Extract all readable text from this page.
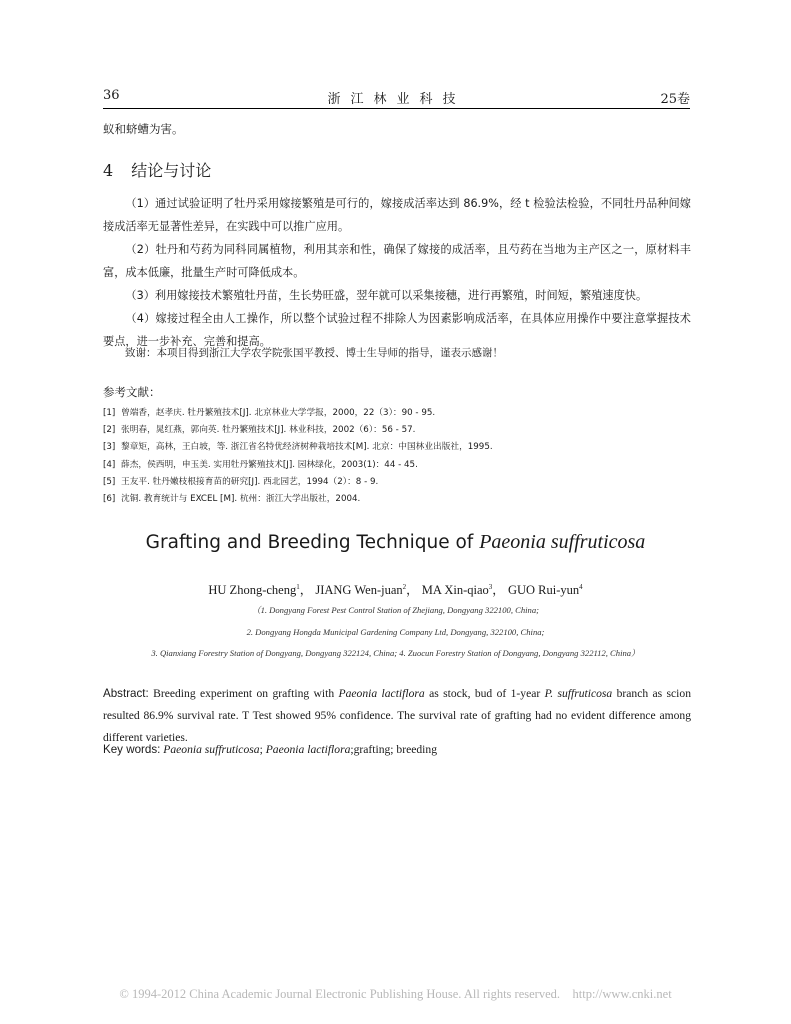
36	浙江林业科技	25卷
蚁和蛴螬为害。
4 结论与讨论

（1）通过试验证明了牡丹采用嫁接繁殖是可行的，嫁接成活率达到 86.9%，经 t 检验法检验，不同牡丹品种间嫁接成活率无显著性差异，在实践中可以推广应用。

（2）牡丹和芍药为同科同属植物，利用其亲和性，确保了嫁接的成活率，且芍药在当地为主产区之一，原材料丰富，成本低廉，批量生产时可降低成本。

（3）利用嫁接技术繁殖牡丹苗，生长势旺盛，翌年就可以采集接穗，进行再繁殖，时间短，繁殖速度快。

（4）嫁接过程全由人工操作，所以整个试验过程不排除人为因素影响成活率，在具体应用操作中要注意掌握技术要点，进一步补充、完善和提高。

致谢：本项目得到浙江大学农学院张国平教授、博士生导师的指导，谨表示感谢！
参考文献：
[1] 曾端香，赵孝庆. 牡丹繁殖技术[J]. 北京林业大学学报，2000，22（3）：90 - 95.
[2] 张明春，晁红燕，郭向英. 牡丹繁殖技术[J]. 林业科技，2002（6）：56 - 57.
[3] 黎章矩，高林，王白坡，等. 浙江省名特优经济树种栽培技术[M]. 北京：中国林业出版社，1995.
[4] 薛杰，侯西明，申玉美. 实用牡丹繁殖技术[J]. 园林绿化，2003(1)：44 - 45.
[5] 王友平. 牡丹嫩枝根接育苗的研究[J]. 西北园艺，1994（2）：8 - 9.
[6] 沈铜. 教育统计与 EXCEL [M]. 杭州：浙江大学出版社，2004.
Grafting and Breeding Technique of Paeonia suffruticosa
HU Zhong-cheng$^1$， JIANG Wen-juan$^2$， MA Xin-qiao$^3$， GUO Rui-yun$^4$
（1. Dongyang Forest Pest Control Station of Zhejiang, Dongyang 322100, China;
2. Dongyang Hongda Municipal Gardening Company Ltd, Dongyang, 322100, China;
3. Qianxiang Forestry Station of Dongyang, Dongyang 322124, China; 4. Zuocun Forestry Station of Dongyang, Dongyang 322112, China）

Abstract: Breeding experiment on grafting with Paeonia lactiflora as stock, bud of 1-year P. suffruticosa branch as scion resulted 86.9% survival rate. T Test showed 95% confidence. The survival rate of grafting had no evident difference among different varieties.

Key words: Paeonia suffruticosa; Paeonia lactiflora;grafting; breeding
© 1994-2012 China Academic Journal Electronic Publishing House. All rights reserved.    http://www.cnki.net
